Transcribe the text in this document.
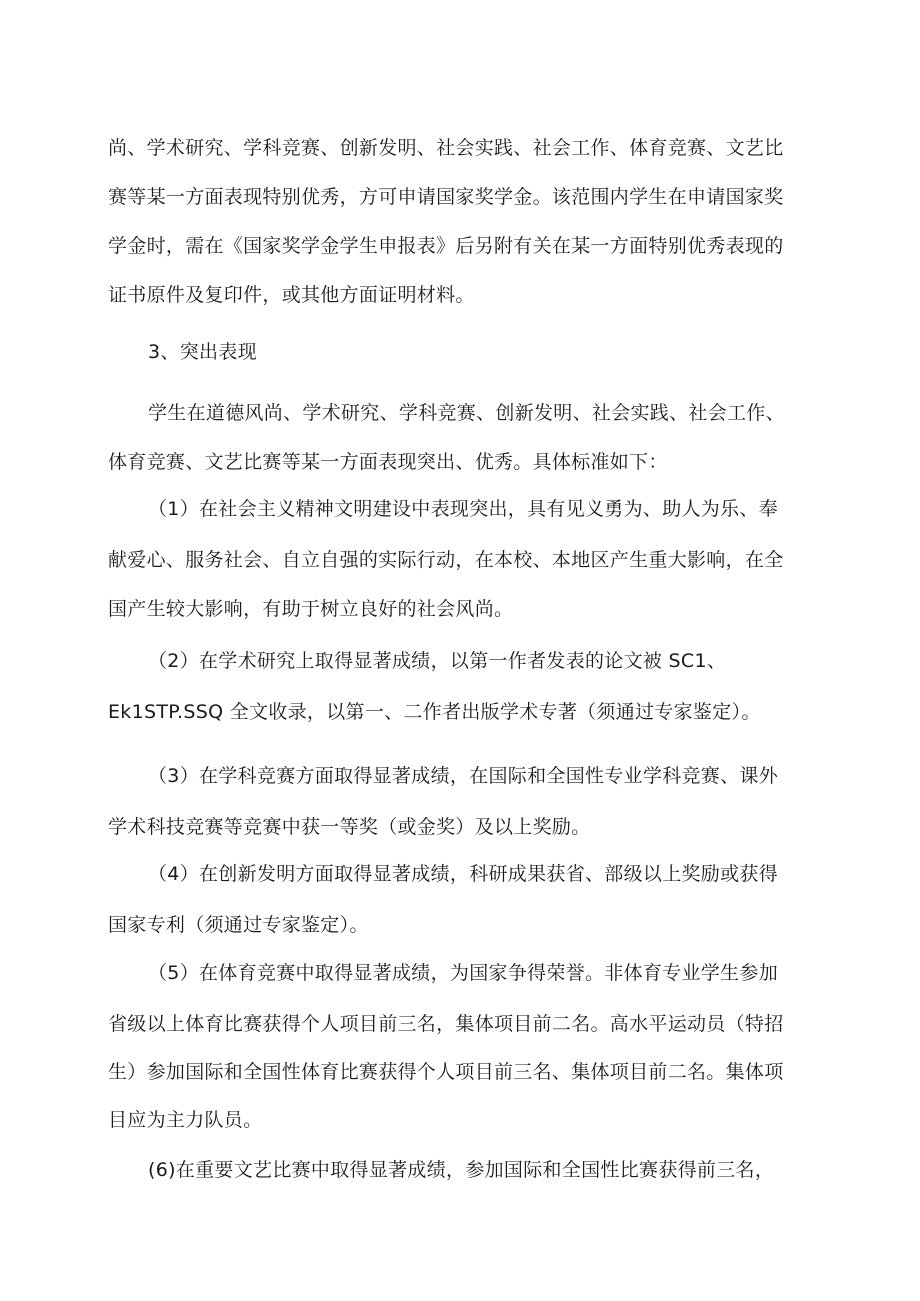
尚、学术研究、学科竞赛、创新发明、社会实践、社会工作、体育竞赛、文艺比
赛等某一方面表现特别优秀，方可申请国家奖学金。该范围内学生在申请国家奖
学金时，需在《国家奖学金学生申报表》后另附有关在某一方面特别优秀表现的
证书原件及复印件，或其他方面证明材料。
3、突出表现
学生在道德风尚、学术研究、学科竞赛、创新发明、社会实践、社会工作、
体育竞赛、文艺比赛等某一方面表现突出、优秀。具体标准如下：
（1）在社会主义精神文明建设中表现突出，具有见义勇为、助人为乐、奉
献爱心、服务社会、自立自强的实际行动，在本校、本地区产生重大影响，在全
国产生较大影响，有助于树立良好的社会风尚。
（2）在学术研究上取得显著成绩，以第一作者发表的论文被 SC1、
Ek1STP.SSQ 全文收录，以第一、二作者出版学术专著（须通过专家鉴定）。
（3）在学科竞赛方面取得显著成绩，在国际和全国性专业学科竞赛、课外
学术科技竞赛等竞赛中获一等奖（或金奖）及以上奖励。
（4）在创新发明方面取得显著成绩，科研成果获省、部级以上奖励或获得
国家专利（须通过专家鉴定）。
（5）在体育竞赛中取得显著成绩，为国家争得荣誉。非体育专业学生参加
省级以上体育比赛获得个人项目前三名，集体项目前二名。高水平运动员（特招
生）参加国际和全国性体育比赛获得个人项目前三名、集体项目前二名。集体项
目应为主力队员。
(6)在重要文艺比赛中取得显著成绩，参加国际和全国性比赛获得前三名，
